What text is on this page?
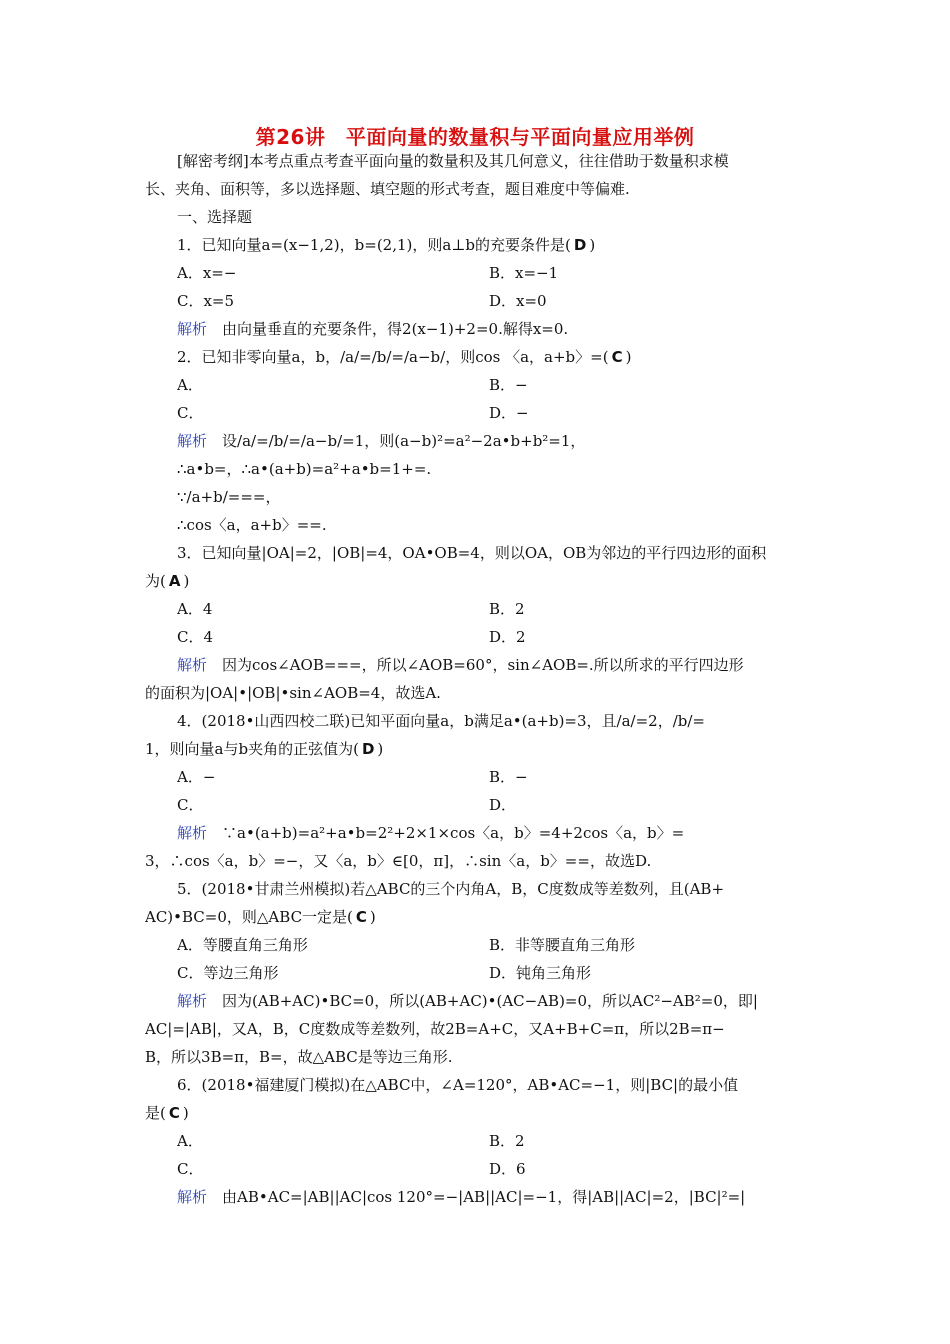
第26讲　平面向量的数量积与平面向量应用举例
[解密考纲]本考点重点考查平面向量的数量积及其几何意义，往往借助于数量积求模
长、夹角、面积等，多以选择题、填空题的形式考查，题目难度中等偏难.
一、选择题
1．已知向量a=(x−1,2)，b=(2,1)，则a⊥b的充要条件是( D )
A．x=−	B．x=−1
C．x=5	D．x=0
解析　 由向量垂直的充要条件，得2(x−1)+2=0.解得x=0.
2．已知非零向量a，b，/a/=/b/=/a−b/，则cos 〈a，a+b〉=( C )
A．	B．−
C．	D．−
解析　 设/a/=/b/=/a−b/=1，则(a−b)²=a²−2a•b+b²=1，
∴a•b=，∴a•(a+b)=a²+a•b=1+=.
∵/a+b/===，
∴cos〈a，a+b〉==.
3．已知向量|OA|=2，|OB|=4，OA•OB=4，则以OA，OB为邻边的平行四边形的面积
为( A )
A．4	B．2
C．4	D．2
解析　 因为cos∠AOB===，所以∠AOB=60°，sin∠AOB=.所以所求的平行四边形
的面积为|OA|•|OB|•sin∠AOB=4，故选A.
4．(2018•山西四校二联)已知平面向量a，b满足a•(a+b)=3，且/a/=2，/b/=
1，则向量a与b夹角的正弦值为( D )
A．−	B．−
C．	D．
解析　 ∵a•(a+b)=a²+a•b=2²+2×1×cos〈a，b〉=4+2cos〈a，b〉=
3，∴cos〈a，b〉=−，又〈a，b〉∈[0，π]，∴sin〈a，b〉==，故选D.
5．(2018•甘肃兰州模拟)若△ABC的三个内角A，B，C度数成等差数列，且(AB+
AC)•BC=0，则△ABC一定是( C )
A．等腰直角三角形	B．非等腰直角三角形
C．等边三角形	D．钝角三角形
解析　 因为(AB+AC)•BC=0，所以(AB+AC)•(AC−AB)=0，所以AC²−AB²=0，即|
AC|=|AB|，又A，B，C度数成等差数列，故2B=A+C，又A+B+C=π，所以2B=π−
B，所以3B=π，B=，故△ABC是等边三角形.
6．(2018•福建厦门模拟)在△ABC中，∠A=120°，AB•AC=−1，则|BC|的最小值
是( C )
A．	B．2
C．	D．6
解析　 由AB•AC=|AB||AC|cos 120°=−|AB||AC|=−1，得|AB||AC|=2，|BC|²=|
